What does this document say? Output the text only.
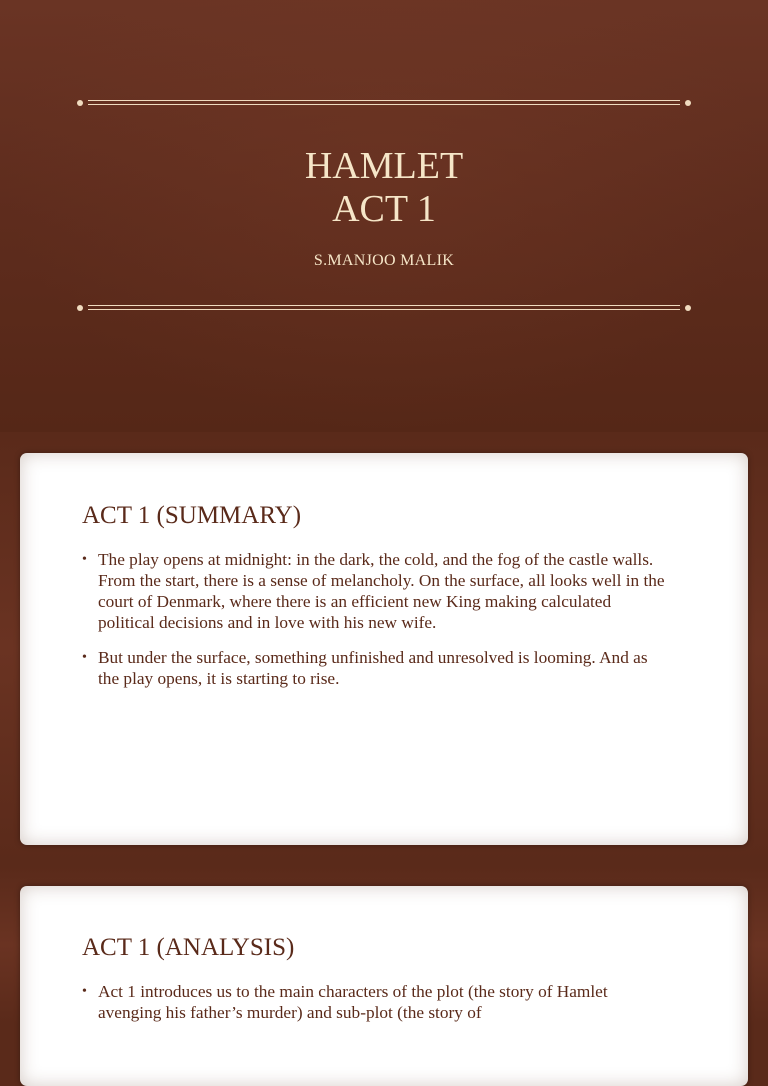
HAMLET
ACT 1
S.MANJOO MALIK
ACT 1 (SUMMARY)
• The play opens at midnight: in the dark, the cold, and the fog of the castle walls. From the start, there is a sense of melancholy. On the surface, all looks well in the court of Denmark, where there is an efficient new King making calculated political decisions and in love with his new wife.
• But under the surface, something unfinished and unresolved is looming. And as the play opens, it is starting to rise.
ACT 1 (ANALYSIS)
• Act 1 introduces us to the main characters of the plot (the story of Hamlet avenging his father’s murder) and sub-plot (the story of
